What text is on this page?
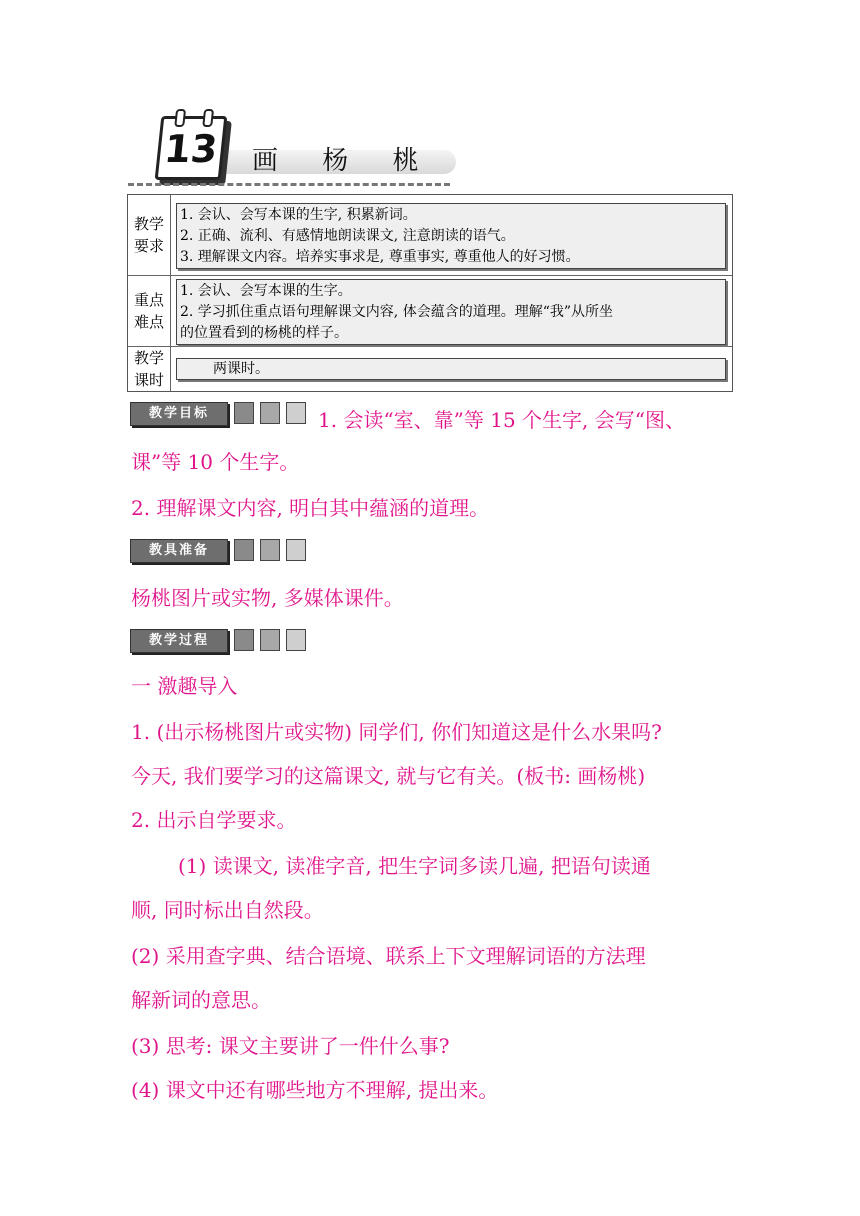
13 画 杨 桃
教学
要求
1. 会认、会写本课的生字, 积累新词。
2. 正确、流利、有感情地朗读课文, 注意朗读的语气。
3. 理解课文内容。培养实事求是, 尊重事实, 尊重他人的好习惯。
重点
难点
1. 会认、会写本课的生字。
2. 学习抓住重点语句理解课文内容, 体会蕴含的道理。理解“我”从所坐
的位置看到的杨桃的样子。
教学
课时
两课时。
教学目标	1. 会读“室、靠”等 15 个生字, 会写“图、
课”等 10 个生字。
2. 理解课文内容, 明白其中蕴涵的道理。
教具准备
杨桃图片或实物, 多媒体课件。
教学过程
一 激趣导入
1. (出示杨桃图片或实物) 同学们, 你们知道这是什么水果吗?
今天, 我们要学习的这篇课文, 就与它有关。(板书: 画杨桃)
2. 出示自学要求。
(1) 读课文, 读准字音, 把生字词多读几遍, 把语句读通
顺, 同时标出自然段。
(2) 采用查字典、结合语境、联系上下文理解词语的方法理
解新词的意思。
(3) 思考: 课文主要讲了一件什么事?
(4) 课文中还有哪些地方不理解, 提出来。
